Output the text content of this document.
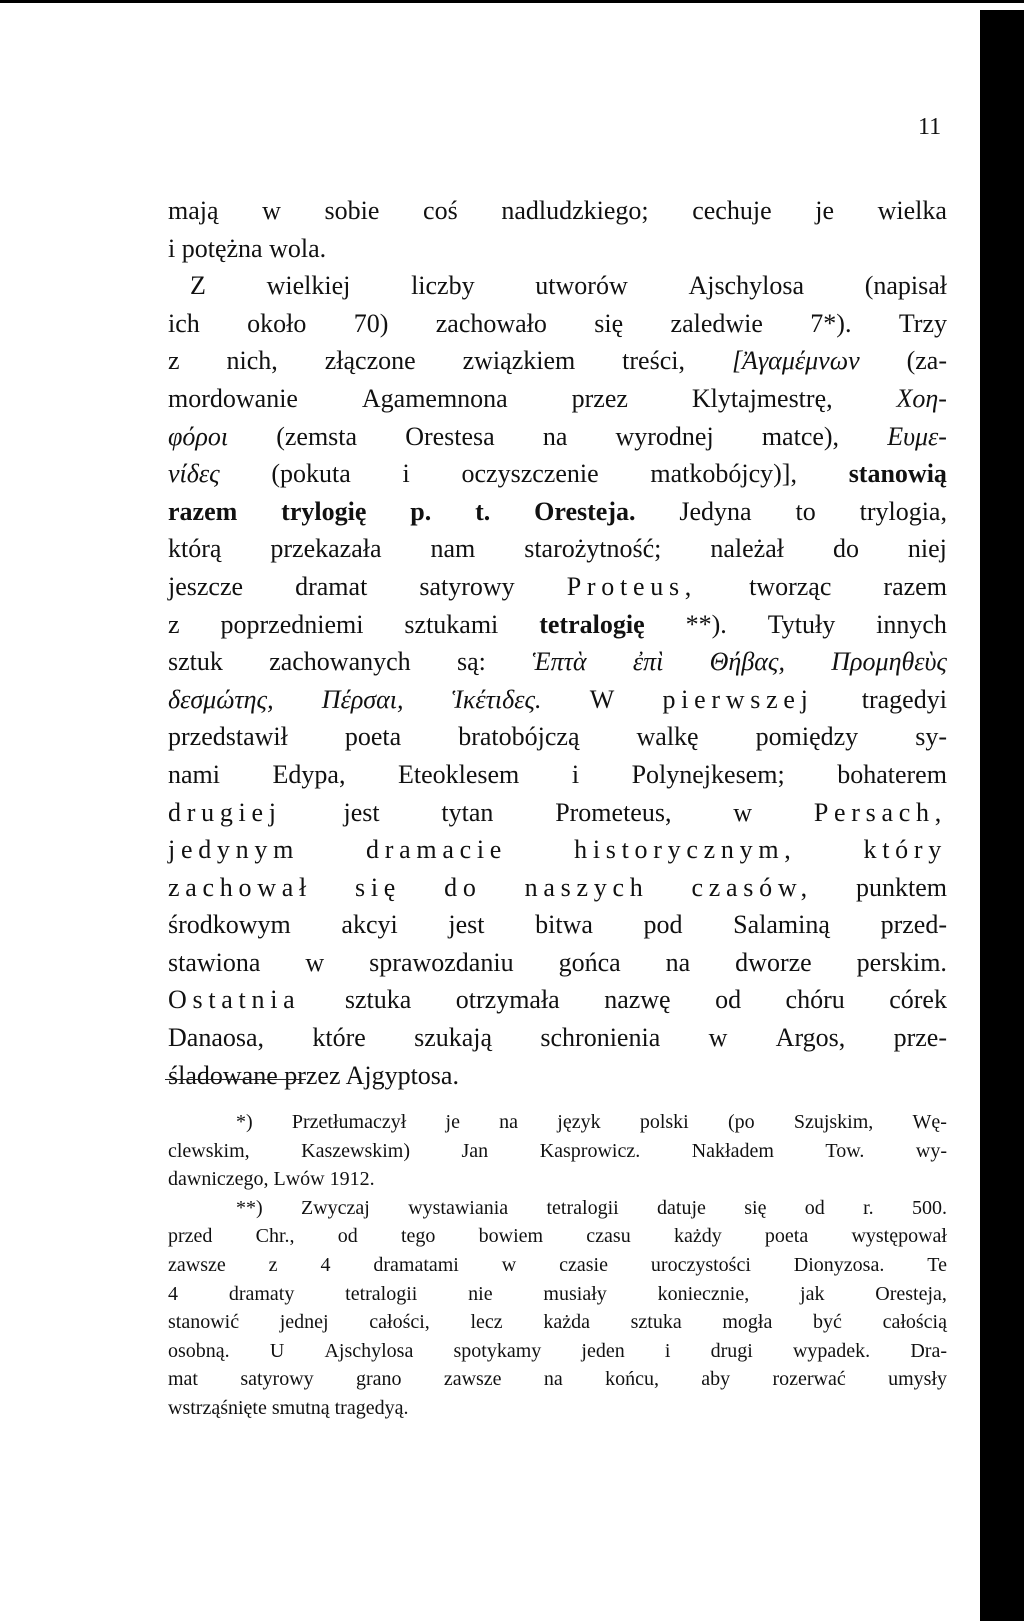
11
mają w sobie coś nadludzkiego; cechuje je wielka
i potężna wola.
Z wielkiej liczby utworów Ajschylosa (napisał
ich około 70) zachowało się zaledwie 7*). Trzy
z nich, złączone związkiem treści, [Ἀγαμέμνων (za-
mordowanie Agamemnona przez Klytajmestrę, Χοη-
φόροι (zemsta Orestesa na wyrodnej matce), Ευμε-
νίδες (pokuta i oczyszczenie matkobójcy)], stanowią
razem trylogię p. t. Oresteja. Jedyna to trylogia,
którą przekazała nam starożytność; należał do niej
jeszcze dramat satyrowy Proteus, tworząc razem
z poprzedniemi sztukami tetralogię **). Tytuły innych
sztuk zachowanych są: Ἑπτὰ ἐπὶ Θήβας, Προμηθεὺς
δεσμώτης, Πέρσαι, Ἱκέτιδες. W pierwszej tragedyi
przedstawił poeta bratobójczą walkę pomiędzy sy-
nami Edypa, Eteoklesem i Polynejkesem; bohaterem
drugiej jest tytan Prometeus, w Persach,
jedynym	dramacie	historycznym,	który
zachował się do naszych czasów, punktem
środkowym akcyi jest bitwa pod Salaminą przed-
stawiona w sprawozdaniu gońca na dworze perskim.
Ostatnia sztuka otrzymała nazwę od chóru córek
Danaosa, które szukają schronienia w Argos, prze-
śladowane przez Ajgyptosa.
*) Przetłumaczył je na język polski (po Szujskim, Wę-
clewskim,	Kaszewskim)	Jan	Kasprowicz.	Nakładem	Tow.	wy-
dawniczego, Lwów 1912.
**) Zwyczaj wystawiania tetralogii datuje się od r. 500.
przed Chr., od tego bowiem czasu każdy poeta występował
zawsze z 4 dramatami w czasie uroczystości Dionyzosa. Te
4	dramaty	tetralogii	nie	musiały	koniecznie,	jak	Oresteja,
stanowić jednej całości, lecz każda sztuka mogła być całością
osobną. U Ajschylosa spotykamy jeden i drugi wypadek. Dra-
mat satyrowy grano zawsze na końcu, aby rozerwać umysły
wstrząśnięte smutną tragedyą.
